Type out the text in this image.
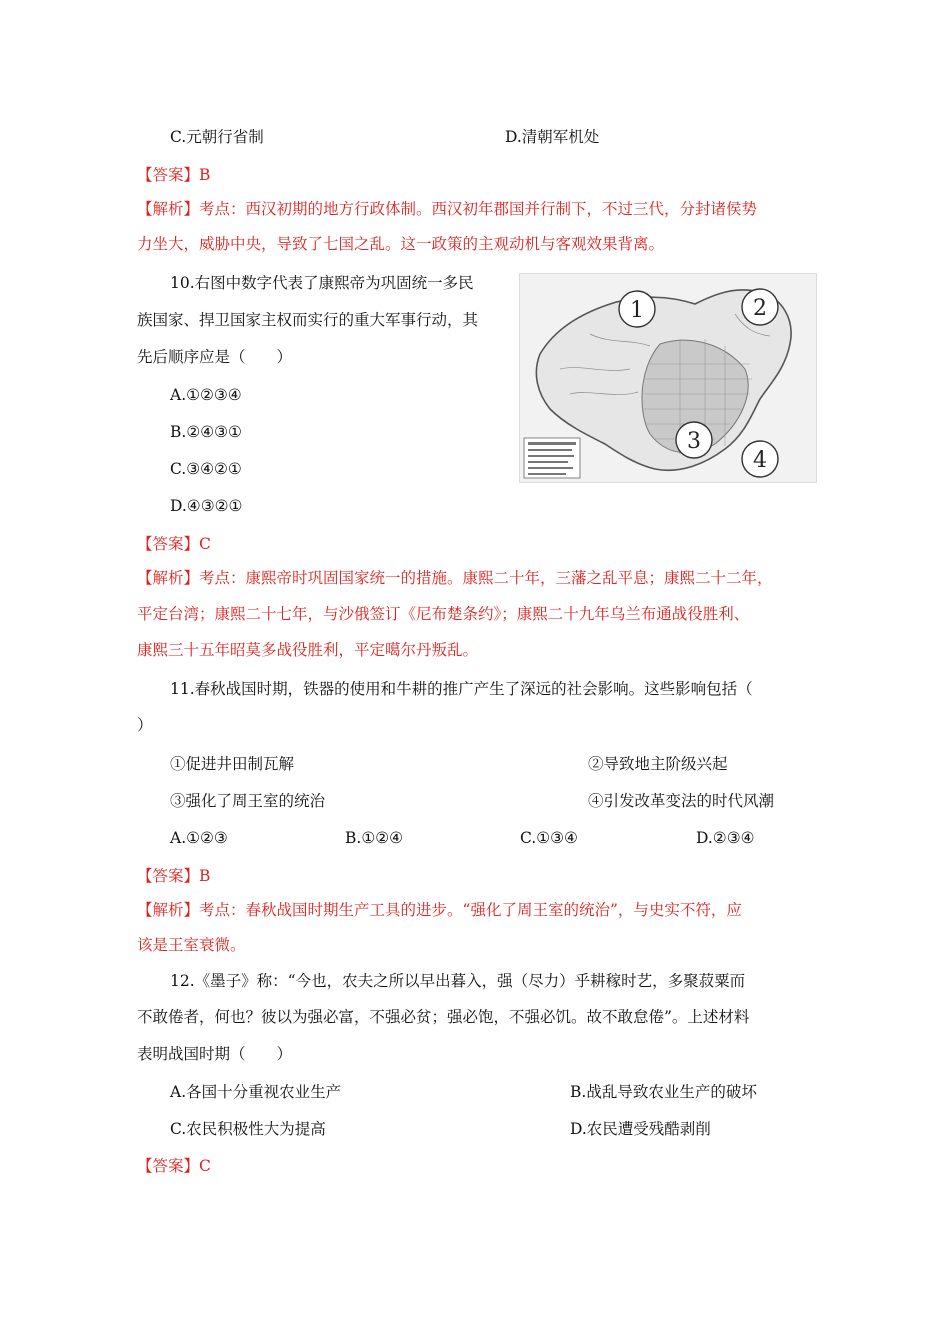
C.元朝行省制	D.清朝军机处
【答案】B
【解析】考点：西汉初期的地方行政体制。西汉初年郡国并行制下，不过三代，分封诸侯势
力坐大，威胁中央，导致了七国之乱。这一政策的主观动机与客观效果背离。
10.右图中数字代表了康熙帝为巩固统一多民
族国家、捍卫国家主权而实行的重大军事行动，其
先后顺序应是（　　）
A.①②③④
B.②④③①
C.③④②①
D.④③②①
1	2
3
4
【答案】C
【解析】考点：康熙帝时巩固国家统一的措施。康熙二十年，三藩之乱平息；康熙二十二年，
平定台湾；康熙二十七年，与沙俄签订《尼布楚条约》；康熙二十九年乌兰布通战役胜利、
康熙三十五年昭莫多战役胜利，平定噶尔丹叛乱。
11.春秋战国时期，铁器的使用和牛耕的推广产生了深远的社会影响。这些影响包括（
）
①促进井田制瓦解	②导致地主阶级兴起
③强化了周王室的统治	④引发改革变法的时代风潮
A.①②③	B.①②④	C.①③④	D.②③④
【答案】B
【解析】考点：春秋战国时期生产工具的进步。“强化了周王室的统治”，与史实不符，应
该是王室衰微。
12.《墨子》称：“今也，农夫之所以早出暮入，强（尽力）乎耕稼时艺，多聚菽粟而
不敢倦者，何也？彼以为强必富，不强必贫；强必饱，不强必饥。故不敢怠倦”。上述材料
表明战国时期（　　）
A.各国十分重视农业生产	B.战乱导致农业生产的破坏
C.农民积极性大为提高	D.农民遭受残酷剥削
【答案】C
